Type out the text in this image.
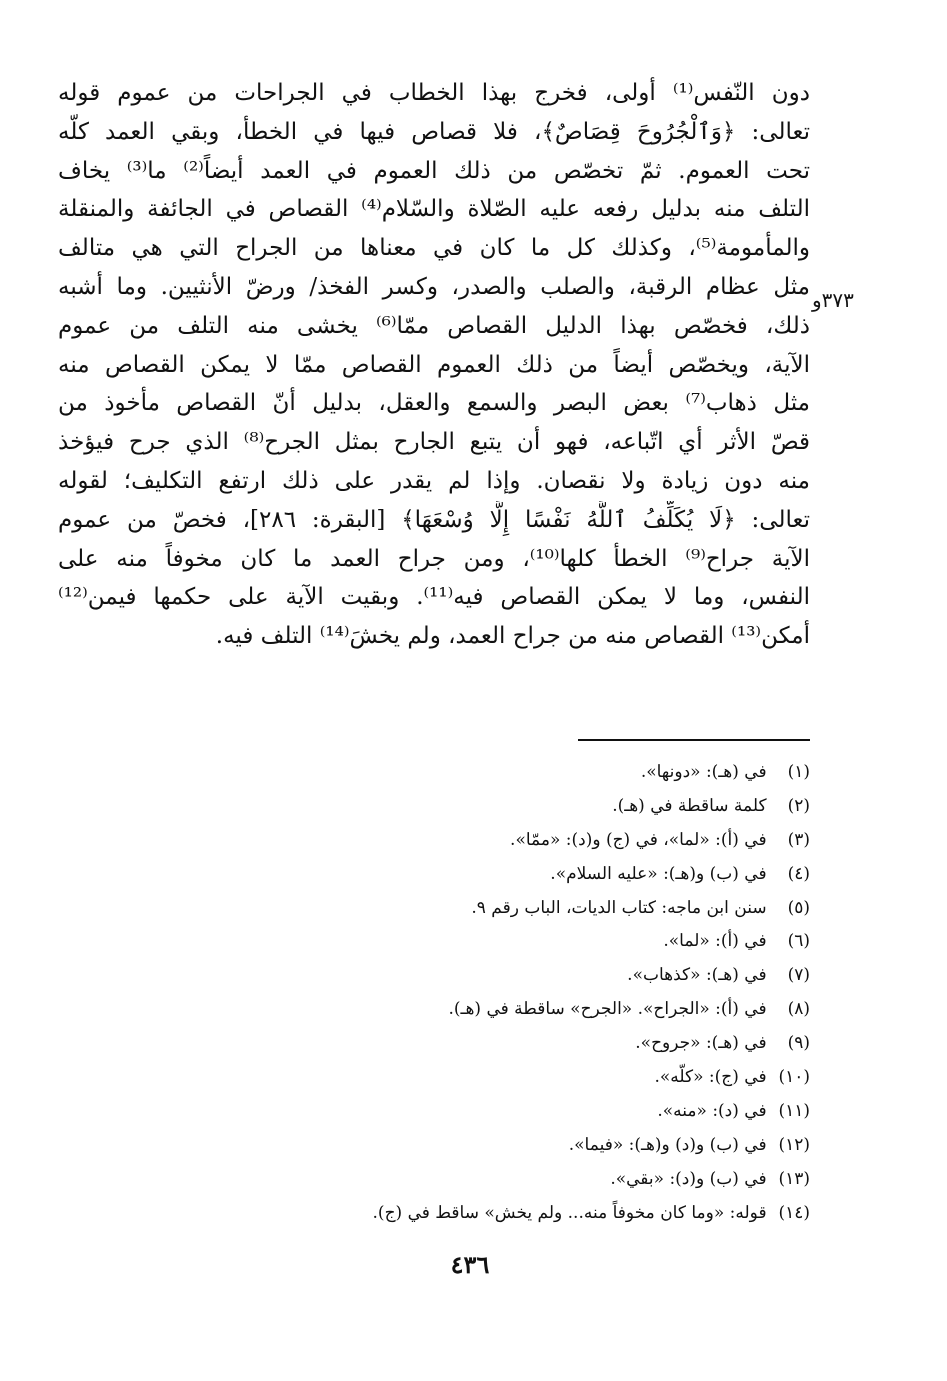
دون النّفس⁽¹⁾ أولى، فخرج بهذا الخطاب في الجراحات من عموم قوله
تعالى: ﴿وَٱلْجُرُوحَ قِصَاصٌ﴾، فلا قصاص فيها في الخطأ، وبقي العمد كلّه
تحت العموم. ثمّ تخصّص من ذلك العموم في العمد أيضاً⁽²⁾ ما⁽³⁾ يخاف
التلف منه بدليل رفعه عليه الصّلاة والسّلام⁽⁴⁾ القصاص في الجائفة والمنقلة
والمأمومة⁽⁵⁾، وكذلك كل ما كان في معناها من الجراح التي هي متالف
مثل عظام الرقبة، والصلب والصدر، وكسر الفخذ/ ورضّ الأنثيين. وما أشبه
ذلك، فخصّص بهذا الدليل القصاص ممّا⁽⁶⁾ يخشى منه التلف من عموم
الآية، ويخصّص أيضاً من ذلك العموم القصاص ممّا لا يمكن القصاص منه
مثل ذهاب⁽⁷⁾ بعض البصر والسمع والعقل، بدليل أنّ القصاص مأخوذ من
قصّ الأثر أي اتّباعه، فهو أن يتبع الجارح بمثل الجرح⁽⁸⁾ الذي جرح فيؤخذ
منه دون زيادة ولا نقصان. وإذا لم يقدر على ذلك ارتفع التكليف؛ لقوله
تعالى: ﴿لَا يُكَلِّفُ ٱللَّهُ نَفْسًا إِلَّا وُسْعَهَا﴾ [البقرة: ٢٨٦]، فخصّ من عموم
الآية جراح⁽⁹⁾ الخطأ كلها⁽¹⁰⁾، ومن جراح العمد ما كان مخوفاً منه على
النفس، وما لا يمكن القصاص فيه⁽¹¹⁾. وبقيت الآية على حكمها فيمن⁽¹²⁾
أمكن⁽¹³⁾ القصاص منه من جراح العمد، ولم يخشَ⁽¹⁴⁾ التلف فيه.
٣٧٣و
(١) في (هـ): «دونها».
(٢) كلمة ساقطة في (هـ).
(٣) في (أ): «لما»، في (ج) و(د): «ممّا».
(٤) في (ب) و(هـ): «عليه السلام».
(٥) سنن ابن ماجه: كتاب الديات، الباب رقم ٩.
(٦) في (أ): «لما».
(٧) في (هـ): «كذهاب».
(٨) في (أ): «الجراح». «الجرح» ساقطة في (هـ).
(٩) في (هـ): «جروح».
(١٠) في (ج): «كلّه».
(١١) في (د): «منه».
(١٢) في (ب) و(د) و(هـ): «فيما».
(١٣) في (ب) و(د): «بقي».
(١٤) قوله: «وما كان مخوفاً منه... ولم يخش» ساقط في (ج).
٤٣٦
